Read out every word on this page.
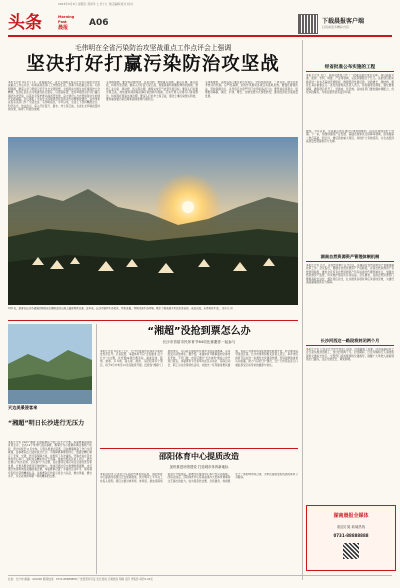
2023年9月3日 星期日 癸卯年 七月十九 责任编辑 版式 校对
头条	Morning Post
晨报	A06	下载晨报客户端
扫码看更多精彩内容
毛伟明在全省污染防治攻坚战重点工作点评会上强调
坚决打好打赢污染防治攻坚战
本报长沙讯 9月1日下午，省委副书记、省长毛伟明主持召开全省污染防治攻坚战重点工作点评会，听取各地各部门工作情况汇报，部署下阶段重点任务。毛伟明强调，要深入学习贯彻习近平生态文明思想，全面落实全国生态环境保护大会精神，坚决扛起生态文明建设政治责任，以更高标准、更实举措坚决打好打赢污染防治攻坚战，以高水平保护推动高质量发展，奋力建设人与自然和谐共生的现代化新湖南。会议通报了全省生态环境质量状况和突出问题整改情况，各市州和省直有关部门作了交流发言。毛伟明指出，今年以来，全省上下坚持精准治污、科学治污、依法治污，深入打好蓝天、碧水、净土保卫战，全省生态环境质量持续改善，取得了阶段性成效。
毛伟明强调，要坚持问题导向、目标导向，聚焦重点领域、重点区域、重点时段，持续攻坚突破。要深入打好蓝天保卫战，加强臭氧和细颗粒物协同控制，狠抓工业污染、移动源、扬尘等治理，确保完成空气质量年度目标；要深入打好碧水保卫战，加快推进洞庭湖总磷污染控制与削减，扎实开展入河排污口排查整治，持续抓好黑臭水体治理；要深入打好净土保卫战，强化土壤污染源头防控，推进重金属污染治理和固体废物污染防治。
毛伟明要求，各级各部门要压紧压实责任，坚持党政同责、一岗双责，健全完善考核评价机制，以严的基调、实的作风推动各项任务落地见效。要强化督察执法，坚持铁腕治污，以零容忍态度严厉打击环境违法行为。要坚持系统观念，统筹推进降碳、减污、扩绿、增长，加快发展方式绿色转型，推动经济社会高质量发展。
9月1日，游客在长沙市望城区铜官窑古镇附近的山坡上露营观赏日落。近年来，长沙市坚持生态优先、绿色发展，持续改善生态环境，吸引了越来越多市民走进自然、亲近自然，乐享美好生活。 通讯员 摄
经省批准公布实施的工程
本报长沙讯 近日，省政府批准公布了一批重点建设项目名单。项目涵盖交通、能源、水利、城建、产业等领域，总投资额超过千亿元。这批项目的实施将进一步补齐基础设施短板，增强经济发展后劲，对稳增长、调结构、惠民生具有重要意义。省发改委相关负责人表示，将加强项目调度，强化要素保障，确保项目早开工、早建成、早见效。各地各部门要加强协调配合，优化审批服务，为项目建设营造良好环境。
据悉，今年以来，全省重点项目建设总体进展顺利，投资完成情况好于预期。下一步，将继续围绕产业发展、基础设施和民生保障等领域，谋划储备一批打基础、利长远、增后劲的重大项目，持续扩大有效投资，为全省经济高质量发展提供有力支撑。
湖南自然资源资产管理体制机制
本报长沙讯 近日，省自然资源厅召开会议，部署深化自然资源资产管理体制改革工作。会议指出，要健全自然资源资产产权制度，完善自然资源资产有偿使用制度，推进全民所有自然资源资产所有权委托代理机制试点，加强自然资源资产监管，切实维护国家所有者权益。会议要求，各级自然资源部门要提高政治站位，强化责任担当，扎实推进各项改革任务落地见效，为建设美丽湖南提供有力保障。
长沙河西这一路段将封闭两个月
本报长沙讯 记者从长沙市交警部门获悉，因道路施工需要，河西某路段将于近日起实施封闭施工，预计封闭两个月。封闭期间，过往车辆和行人请按照现场交通标志绕行。交警部门将加强现场交通疏导，提醒广大驾驶人提前规划出行路线，注意交通安全，避免拥堵。
湖南晨报全媒体
欢迎订阅 新闻热线
0731-88888888
天边美景浸客来
“湘超”明日长沙进行无压力
本报长沙讯 2023“湘超”足球联赛将于明日在长沙开赛。本届赛事由省体育局主办，全省14个市州代表队参赛，赛事分为小组赛和淘汰赛两个阶段，预计持续至11月中旬。记者从组委会获悉，目前赛事筹备工作已全部就绪，各参赛队伍已陆续抵达长沙。为保障赛事顺利进行，组委会精心制定了安保、交通、医疗等保障方案，并组织了多次演练。开幕式将在贺龙体育中心举行，届时将有精彩的文艺表演。组委会相关负责人表示，此次比赛以“快乐足球、全民参与”为主题，旨在推动足球运动在全省的普及和发展，让更多群众感受足球的魅力。球迷可通过官方渠道购票观赛，也可通过电视和网络直播收看比赛。本届赛事设置了丰富的互动环节，现场观众有机会获得精美礼品。各参赛队伍均表示将全力以赴，赛出风格、赛出水平，为全省球迷奉献一场场精彩的比赛。
“湘超”没抢到票怎么办
长沙市首届市民体育节64项比赛邀你一起参与
本报长沙讯 9月2日上午，长沙市首届市民体育节新闻发布会召开。记者获悉，本届体育节以“全民健身 活力长沙”为主题，共设置64项比赛活动，涵盖足球、篮球、排球、乒乓球、羽毛球、游泳、马拉松等多个项目，将于9月中旬至12月底陆续开展。没抢到“湘超”门票的市民，可以报名参加市民体育节的各项赛事，亲身感受运动的快乐。据介绍，本届体育节赛事面向全体市民开放，不设门槛，市民可通过“长沙体育”微信公众号进行报名。本届体育节还将举办社区运动会、家庭运动会、职工运动会等特色活动，并推出一系列健身惠民措施，包括公共体育场馆免费或低收费开放、科学健身指导进社区等。长沙市体育局相关负责人表示，举办市民体育节旨在进一步激发全民健身热情，营造浓厚的体育运动氛围，助力“运动长沙”建设，让广大市民在家门口就能享受运动带来的健康与快乐。
邵阳体育中心提质改造
加快推进场馆建设 打造城市体育新地标
本报邵阳讯 记者近日从邵阳市体育局获悉，邵阳体育中心提质改造项目正在加紧推进，预计明年上半年完工并投入使用。项目主要对体育场、体育馆、游泳馆等场馆进行升级改造，新增全民健身中心和户外运动场地。改造完成后，邵阳体育中心将具备承办大型体育赛事和文艺演出的能力，成为集竞技比赛、全民健身、休闲娱乐于一体的城市综合体，为市民提供更加优质的体育公共服务。
社址：长沙市 邮编：410000 新闻热线：0731-88888888 广告经营许可证 发行热线 订阅热线 印刷 定价 零售价 每份1.00元
